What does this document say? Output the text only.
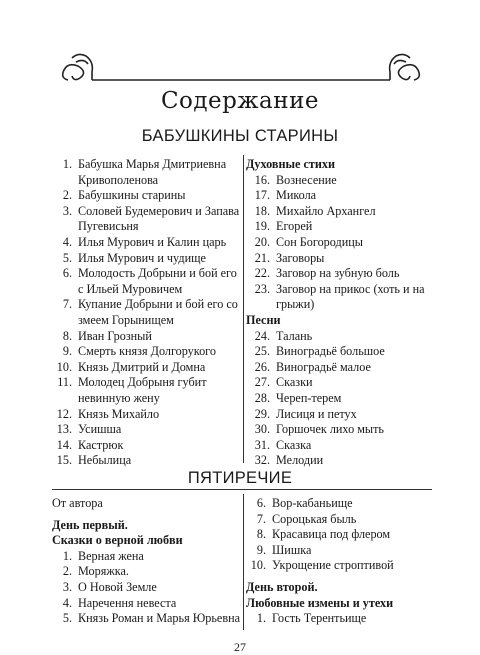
Содержание
БАБУШКИНЫ СТАРИНЫ
1. Бабушка Марья Дмитриевна Кривополенова
2. Бабушкины старины
3. Соловей Будемерович и Запава Пугевисьня
4. Илья Мурович и Калин царь
5. Илья Мурович и чудище
6. Молодость Добрыни и бой его с Ильей Муровичем
7. Купание Добрыни и бой его со змеем Горынищем
8. Иван Грозный
9. Смерть князя Долгорукого
10. Князь Дмитрий и Домна
11. Молодец Добрыня губит невинную жену
12. Князь Михайло
13. Усишша
14. Кастрюк
15. Небылица
Духовные стихи
16. Вознесение
17. Микола
18. Михайло Архангел
19. Егорей
20. Сон Богородицы
21. Заговоры
22. Заговор на зубную боль
23. Заговор на прикос (хоть и на грыжи)
Песни
24. Талань
25. Виноградьё большое
26. Виноградьё малое
27. Сказки
28. Череп-терем
29. Лисиця и петух
30. Горшочек лихо мыть
31. Сказка
32. Мелодии
ПЯТИРЕЧИЕ
От автора
День первый.
Сказки о верной любви
1. Верная жена
2. Моряжка.
3. О Новой Земле
4. Наречення невеста
5. Князь Роман и Марья Юрьевна
6. Вор-кабаньище
7. Сороцькая быль
8. Красавица под флером
9. Шишка
10. Укрощение строптивой
День второй.
Любовные измены и утехи
1. Гость Терентьище
27
